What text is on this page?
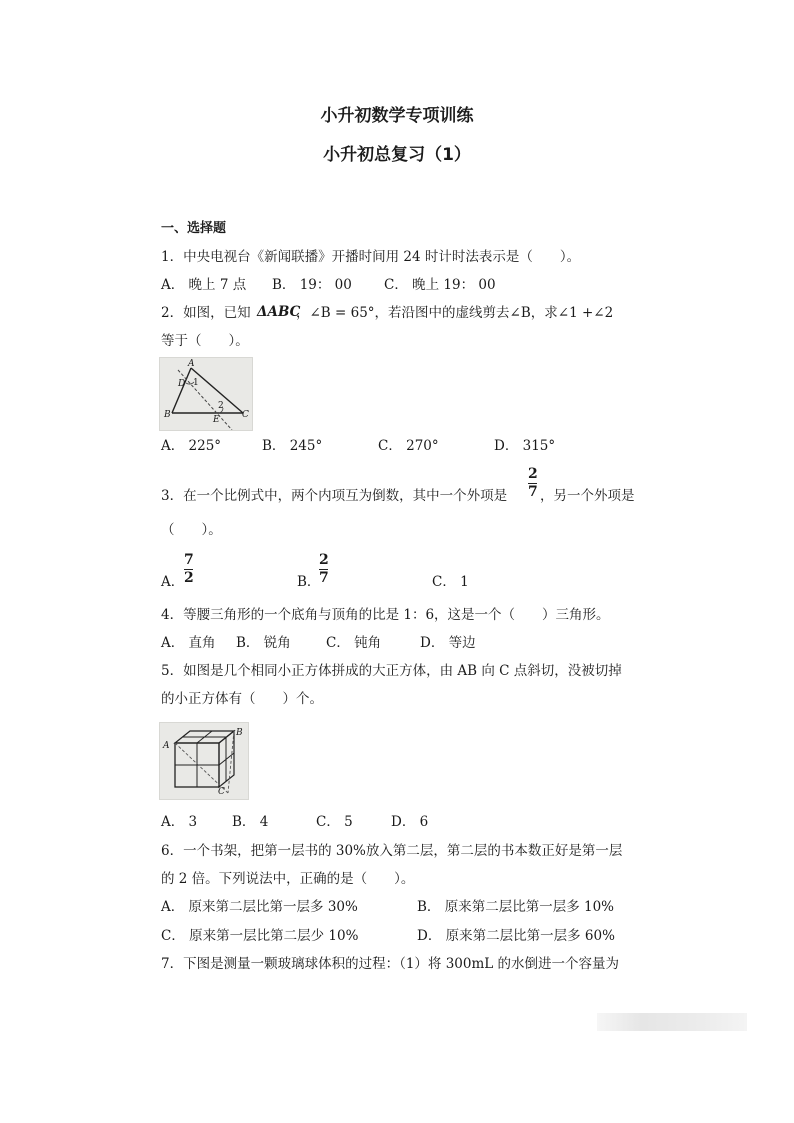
小升初数学专项训练
小升初总复习（1）
一、选择题
1．中央电视台《新闻联播》开播时间用 24 时计时法表示是（　　）。
A． 晚上 7 点 B． 19： 00 C． 晚上 19： 00
2．如图，已知 ΔABC
，∠B = 65°，若沿图中的虚线剪去∠B，求∠1 +∠2
等于（　　）。
A
D 1
B
2
E C
A． 225°	B． 245°	C． 270°	D． 315°
3．在一个比例式中，两个内项互为倒数，其中一个外项是
2
7 ，另一个外项是
（　　）。
A．
7
2	B．
2
7	C． 1
4．等腰三角形的一个底角与顶角的比是 1：6，这是一个（　　）三角形。
A． 直角 B． 锐角	C． 钝角	D． 等边
5．如图是几个相同小正方体拼成的大正方体，由 AB 向 C 点斜切，没被切掉
的小正方体有（　　）个。
A
B
C
A． 3	B． 4	C． 5	D． 6
6．一个书架，把第一层书的 30%放入第二层，第二层的书本数正好是第一层
的 2 倍。下列说法中，正确的是（　　）。
A． 原来第二层比第一层多 30%	B． 原来第二层比第一层多 10%
C． 原来第一层比第二层少 10%	D． 原来第二层比第一层多 60%
7．下图是测量一颗玻璃球体积的过程：（1）将 300mL 的水倒进一个容量为
